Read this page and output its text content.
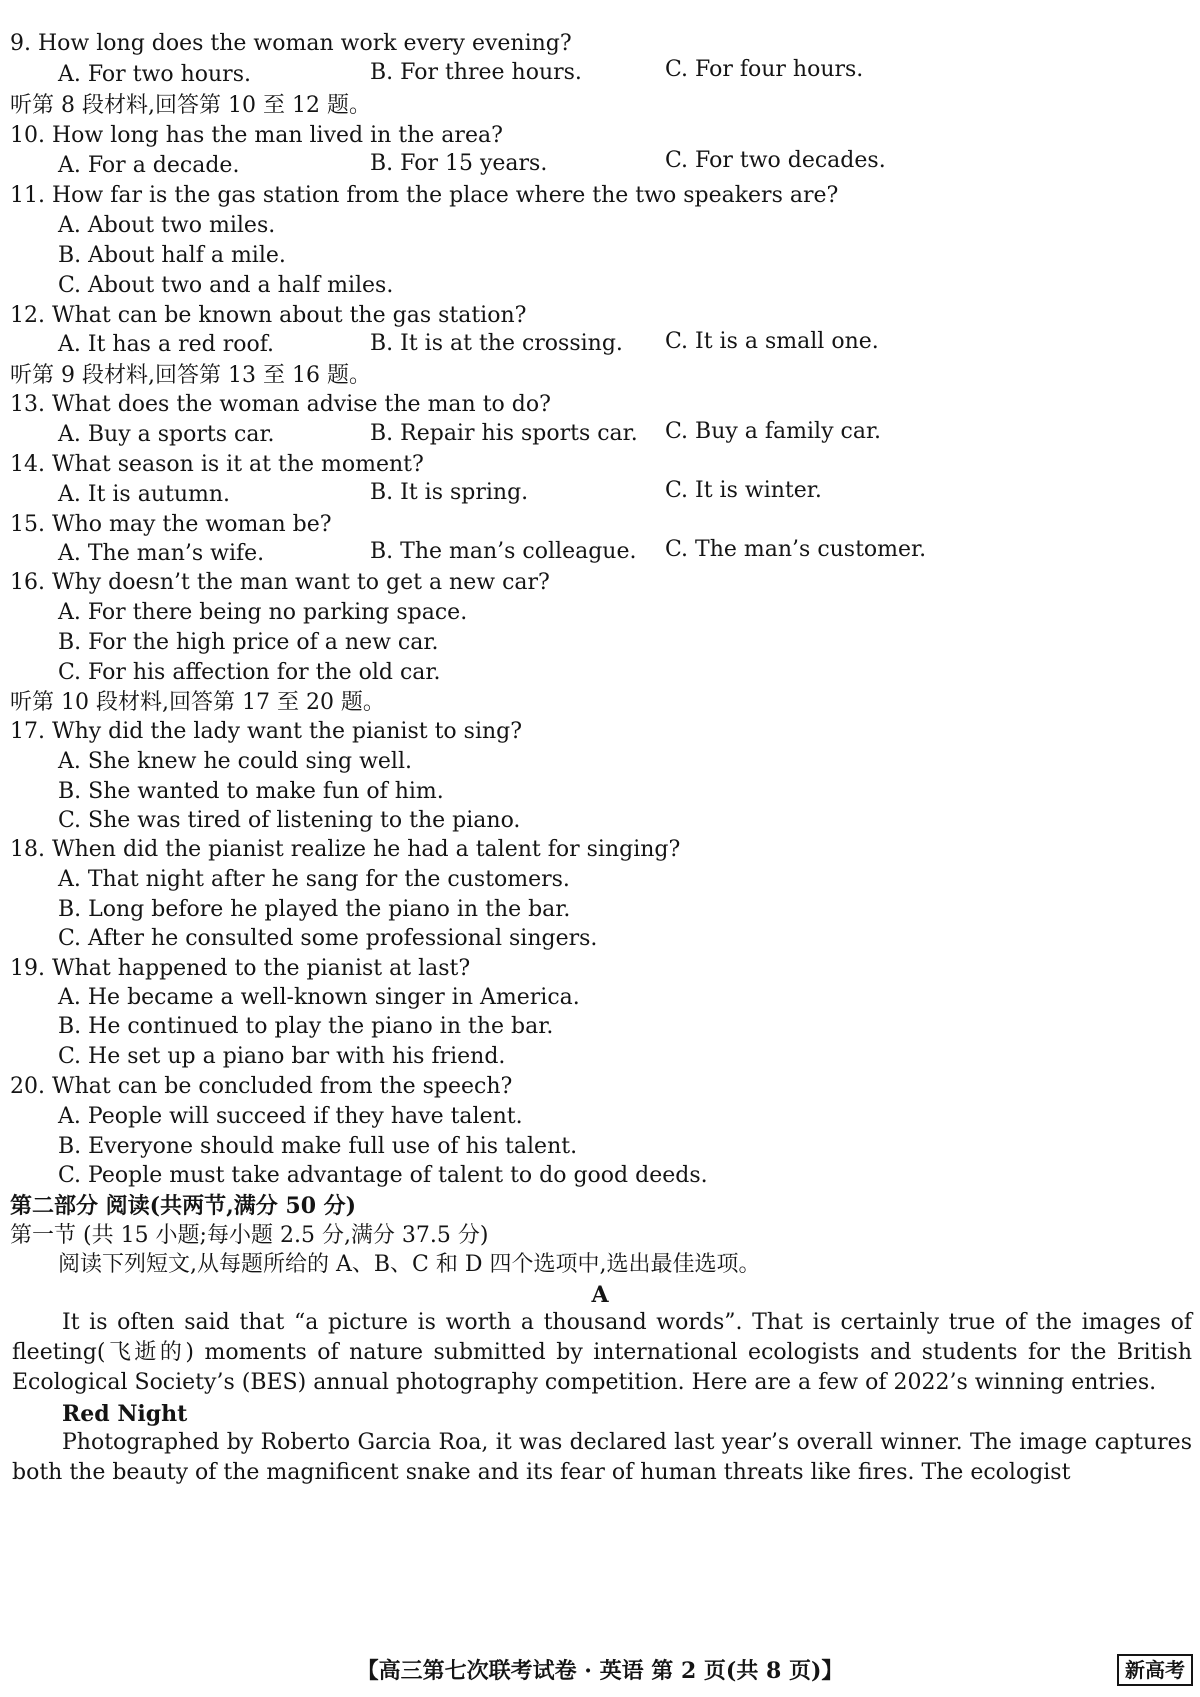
9. How long does the woman work every evening?
A. For two hours.	B. For three hours.	C. For four hours.
听第 8 段材料,回答第 10 至 12 题。
10. How long has the man lived in the area?
A. For a decade.	B. For 15 years.	C. For two decades.
11. How far is the gas station from the place where the two speakers are?
A. About two miles.
B. About half a mile.
C. About two and a half miles.
12. What can be known about the gas station?
A. It has a red roof.	B. It is at the crossing. C. It is a small one.
听第 9 段材料,回答第 13 至 16 题。
13. What does the woman advise the man to do?
A. Buy a sports car.	B. Repair his sports car. C. Buy a family car.
14. What season is it at the moment?
A. It is autumn.	B. It is spring.	C. It is winter.
15. Who may the woman be?
A. The man’s wife.	B. The man’s colleague. C. The man’s customer.
16. Why doesn’t the man want to get a new car?
A. For there being no parking space.
B. For the high price of a new car.
C. For his affection for the old car.
听第 10 段材料,回答第 17 至 20 题。
17. Why did the lady want the pianist to sing?
A. She knew he could sing well.
B. She wanted to make fun of him.
C. She was tired of listening to the piano.
18. When did the pianist realize he had a talent for singing?
A. That night after he sang for the customers.
B. Long before he played the piano in the bar.
C. After he consulted some professional singers.
19. What happened to the pianist at last?
A. He became a well-known singer in America.
B. He continued to play the piano in the bar.
C. He set up a piano bar with his friend.
20. What can be concluded from the speech?
A. People will succeed if they have talent.
B. Everyone should make full use of his talent.
C. People must take advantage of talent to do good deeds.
第二部分 阅读(共两节,满分 50 分)
第一节 (共 15 小题;每小题 2.5 分,满分 37.5 分)
阅读下列短文,从每题所给的 A、B、C 和 D 四个选项中,选出最佳选项。
A
It is often said that “a picture is worth a thousand words”. That is certainly true of the images of fleeting(飞逝的) moments of nature submitted by international ecologists and students for the British Ecological Society’s (BES) annual photography competition. Here are a few of 2022’s winning entries.
Red Night
Photographed by Roberto Garcia Roa, it was declared last year’s overall winner. The image captures both the beauty of the magnificent snake and its fear of human threats like fires. The ecologist
【高三第七次联考试卷 · 英语 第 2 页(共 8 页)】	新高考
